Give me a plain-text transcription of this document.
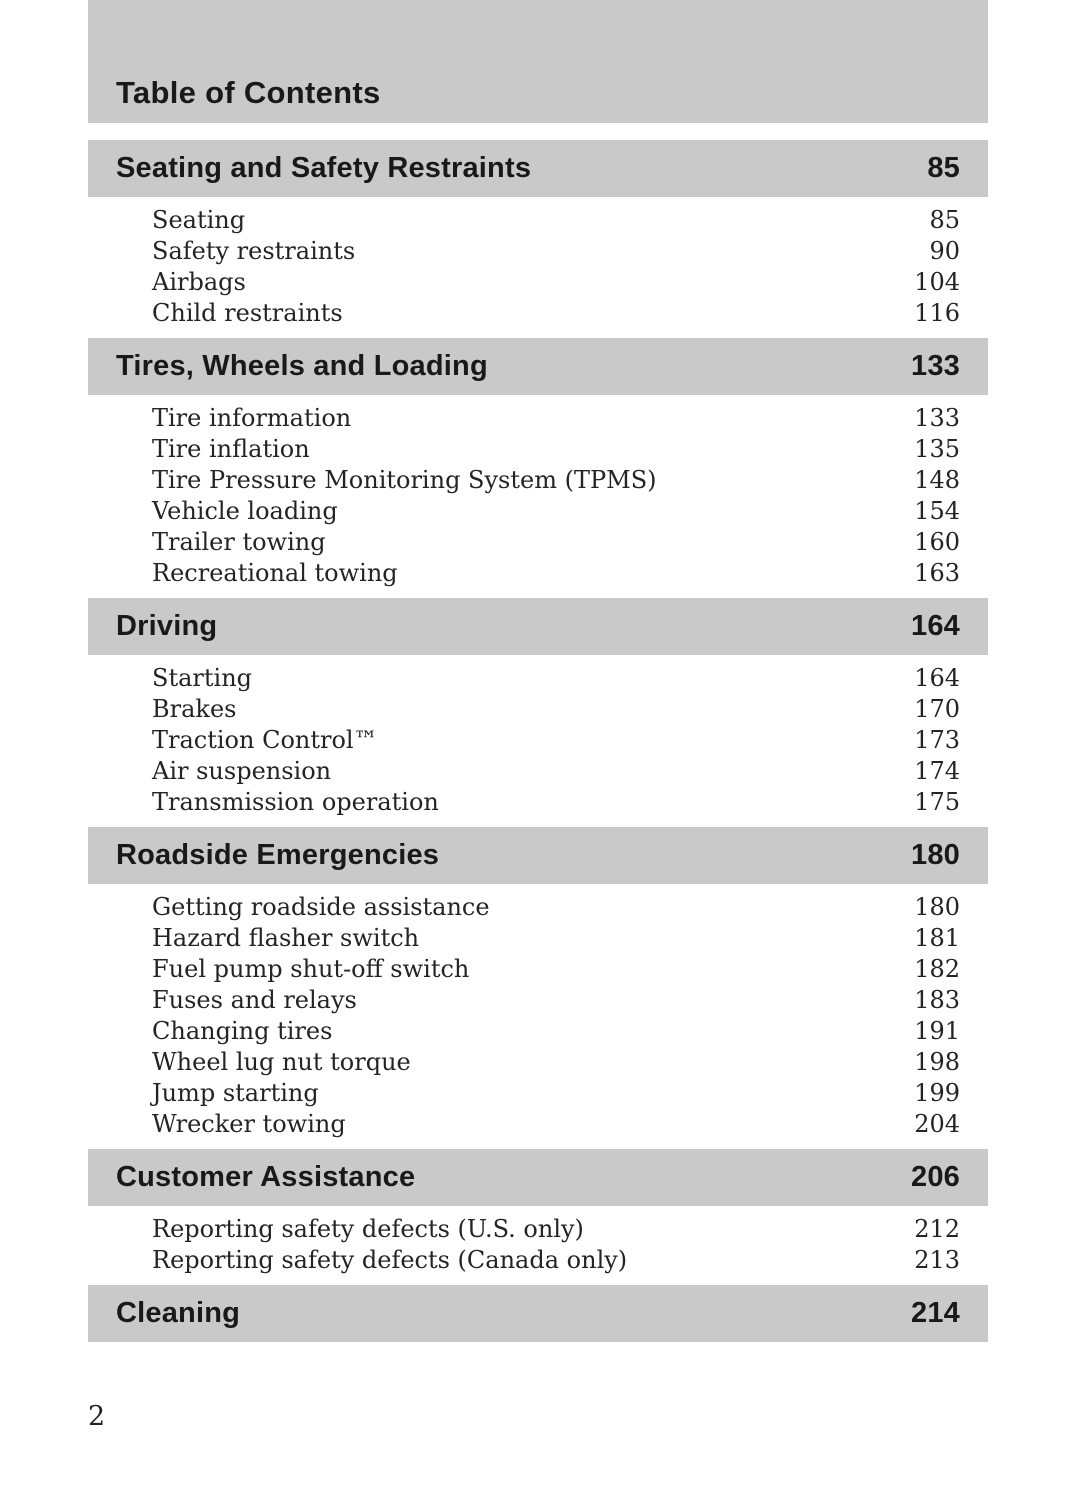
Table of Contents
Seating and Safety Restraints	85
Seating	85
Safety restraints	90
Airbags	104
Child restraints	116
Tires, Wheels and Loading	133
Tire information	133
Tire inflation	135
Tire Pressure Monitoring System (TPMS)	148
Vehicle loading	154
Trailer towing	160
Recreational towing	163
Driving	164
Starting	164
Brakes	170
Traction Control™	173
Air suspension	174
Transmission operation	175
Roadside Emergencies	180
Getting roadside assistance	180
Hazard flasher switch	181
Fuel pump shut-off switch	182
Fuses and relays	183
Changing tires	191
Wheel lug nut torque	198
Jump starting	199
Wrecker towing	204
Customer Assistance	206
Reporting safety defects (U.S. only)	212
Reporting safety defects (Canada only)	213
Cleaning	214
2
